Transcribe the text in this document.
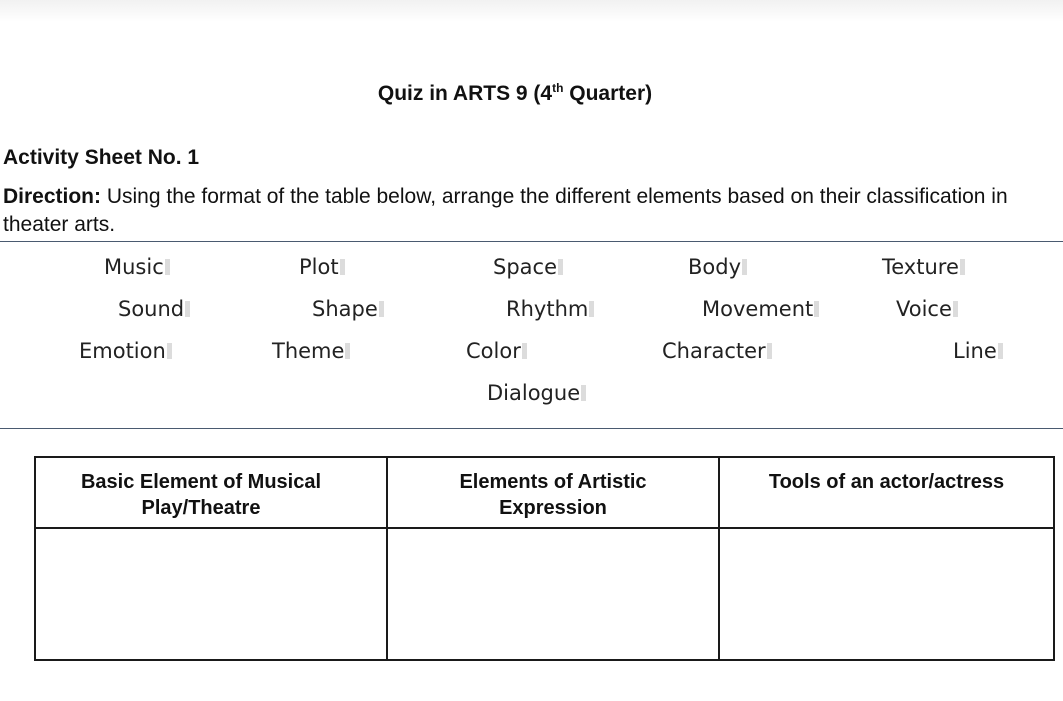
Quiz in ARTS 9 (4th Quarter)
Activity Sheet No. 1
Direction: Using the format of the table below, arrange the different elements based on their classification in theater arts.
Music	Plot	Space	Body	Texture
Sound	Shape	Rhythm	Movement	Voice
Emotion	Theme	Color	Character	Line
Dialogue
Basic Element of Musical Play/Theatre	Elements of Artistic Expression	Tools of an actor/actress
